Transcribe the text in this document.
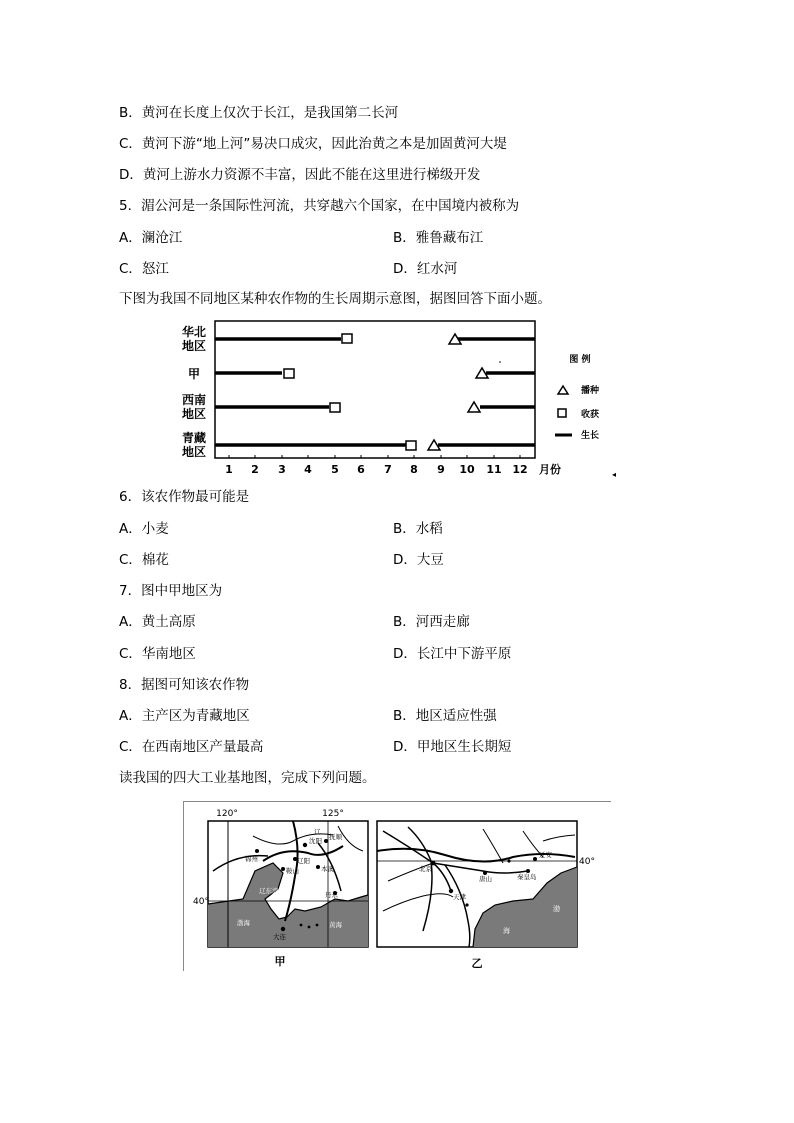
B．黄河在长度上仅次于长江，是我国第二长河
C．黄河下游“地上河”易决口成灾，因此治黄之本是加固黄河大堤
D．黄河上游水力资源不丰富，因此不能在这里进行梯级开发
5．湄公河是一条国际性河流，共穿越六个国家，在中国境内被称为
A．澜沧江	B．雅鲁藏布江
C．怒江	D．红水河
下图为我国不同地区某种农作物的生长周期示意图，据图回答下面小题。
1 2 3 4 5 6 7 8 9 10 11 12 月份
华北
地区
甲
西南
地区
青藏
地区
图 例
播种
收获
生长
◂
6．该农作物最可能是
A．小麦	B．水稻
C．棉花	D．大豆
7．图中甲地区为
A．黄土高原	B．河西走廊
C．华南地区	D．长江中下游平原
8．据图可知该农作物
A．主产区为青藏地区	B．地区适应性强
C．在西南地区产量最高	D．甲地区生长期短
读我国的四大工业基地图，完成下列问题。
120°	125°
40°
辽
沈阳 抚顺
锦州	辽阳
本溪
鞍山
辽东湾	丹东
渤海
大连
黄海
甲
40°
北京
天津
唐山	秦皇岛
迁安
渤
海
乙
